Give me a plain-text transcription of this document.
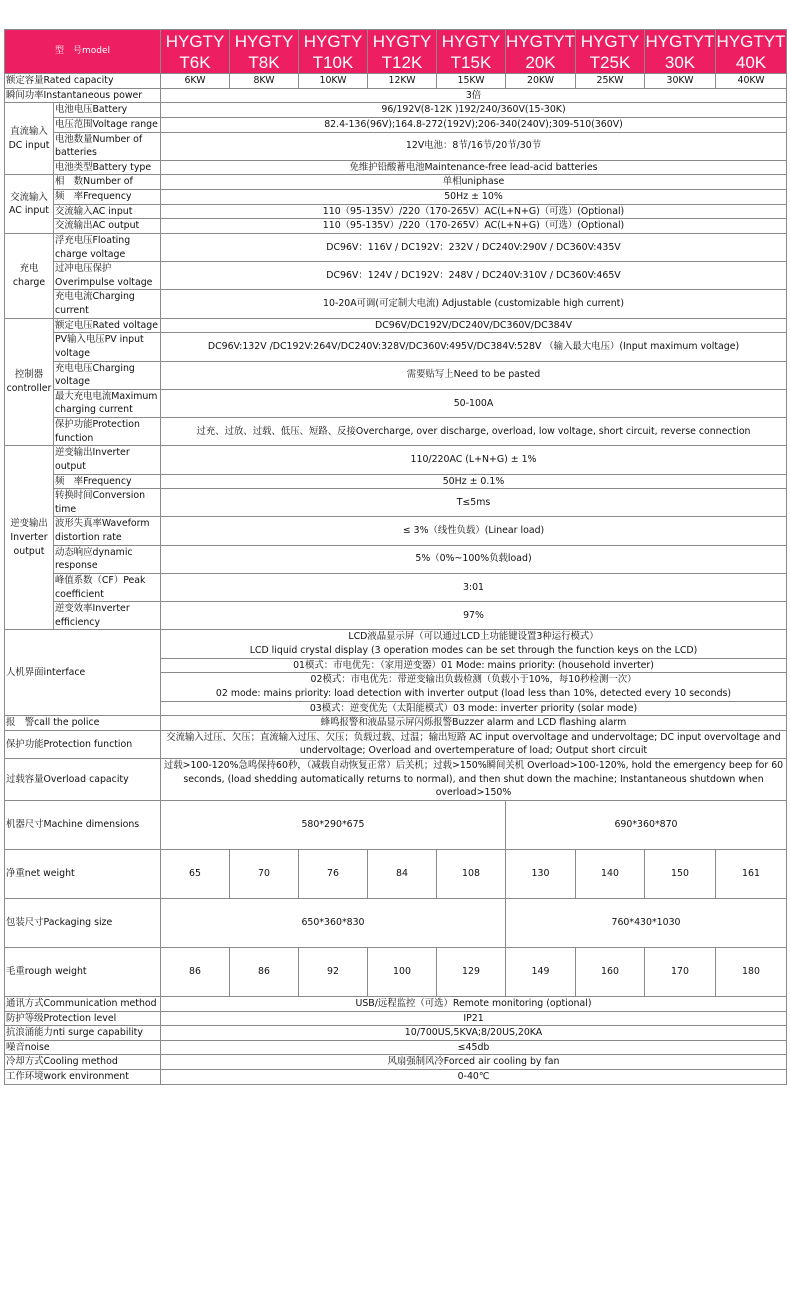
型　号model		HYGTYT6K	HYGTYT8K	HYGTYT10K	HYGTYT12K	HYGTYT15K	HYGTYT20K	HYGTYT25K	HYGTYT30K	HYGTYT40K
额定容量Rated capacity		6KW	8KW	10KW	12KW	15KW	20KW	25KW	30KW	40KW
瞬间功率Instantaneous power		3倍								
直流输入DC input	电池电压Battery	96/192V(8-12K )192/240/360V(15-30K)								
	电压范围Voltage range	82.4-136(96V);164.8-272(192V);206-340(240V);309-510(360V)								
	电池数量Number of batteries	12V电池：8节/16节/20节/30节								
	电池类型Battery type	免维护铅酸蓄电池Maintenance-free lead-acid batteries								
交流输入AC input	相　数Number of	单相uniphase								
	频　率Frequency	50Hz ± 10%								
	交流输入AC input	110（95-135V）/220（170-265V）AC(L+N+G)（可选）(Optional)								
	交流输出AC output	110（95-135V）/220（170-265V）AC(L+N+G)（可选）(Optional)								
充电charge	浮充电压Floating charge voltage	DC96V：116V / DC192V：232V / DC240V:290V / DC360V:435V								
	过冲电压保护Overimpulse voltage	DC96V：124V / DC192V：248V / DC240V:310V / DC360V:465V								
	充电电流Charging current	10-20A可调(可定制大电流) Adjustable (customizable high current)								
控制器controller	额定电压Rated voltage	DC96V/DC192V/DC240V/DC360V/DC384V								
	PV输入电压PV input voltage	DC96V:132V /DC192V:264V/DC240V:328V/DC360V:495V/DC384V:528V （输入最大电压）(Input maximum voltage)								
	充电电压Charging voltage	需要贴写上Need to be pasted								
	最大充电电流Maximum charging current	50-100A								
	保护功能Protection function	过充、过放、过载、低压、短路、反接Overcharge, over discharge, overload, low voltage, short circuit, reverse connection								
逆变输出Inverter output	逆变输出Inverter output	110/220AC (L+N+G) ± 1%								
	频　率Frequency	50Hz ± 0.1%								
	转换时间Conversion time	T≤5ms								
	波形失真率Waveform distortion rate	≤ 3%（线性负载）(Linear load)								
	动态响应dynamic response	5%（0%~100%负载load)								
	峰值系数（CF）Peak coefficient	3:01								
	逆变效率Inverter efficiency	97%								
人机界面interface		LCD液晶显示屏（可以通过LCD上功能键设置3种运行模式）
LCD liquid crystal display (3 operation modes can be set through the function keys on the LCD)								

		01模式：市电优先：（家用逆变器）01 Mode: mains priority: (household inverter)								

		02模式：市电优先：带逆变输出负载检测（负载小于10%，每10秒检测一次）
02 mode: mains priority: load detection with inverter output (load less than 10%, detected every 10 seconds)								

		03模式：逆变优先（太阳能模式）03 mode: inverter priority (solar mode)								
报　警call the police		蜂鸣报警和液晶显示屏闪烁报警Buzzer alarm and LCD flashing alarm								
保护功能Protection function		交流输入过压、欠压；直流输入过压、欠压；负载过载、过温；输出短路 AC input overvoltage and undervoltage; DC input overvoltage and undervoltage; Overload and overtemperature of load; Output short circuit								
过载容量Overload capacity		过载>100-120%急鸣保持60秒，（减载自动恢复正常）后关机；过载>150%瞬间关机 Overload>100-120%, hold the emergency beep for 60 seconds, (load shedding automatically returns to normal), and then shut down the machine; Instantaneous shutdown when overload>150%								
机器尺寸Machine dimensions		580*290*675					690*360*870			
净重net weight		65	70	76	84	108	130	140	150	161
包装尺寸Packaging size		650*360*830					760*430*1030			
毛重rough weight		86	86	92	100	129	149	160	170	180
通讯方式Communication method		USB/远程监控（可选）Remote monitoring (optional)								
防护等级Protection level		IP21								
抗浪涌能力nti surge capability		10/700US,5KVA;8/20US,20KA								
噪音noise		≤45db								
冷却方式Cooling method		风扇强制风冷Forced air cooling by fan								
工作环境work environment		0-40℃								
